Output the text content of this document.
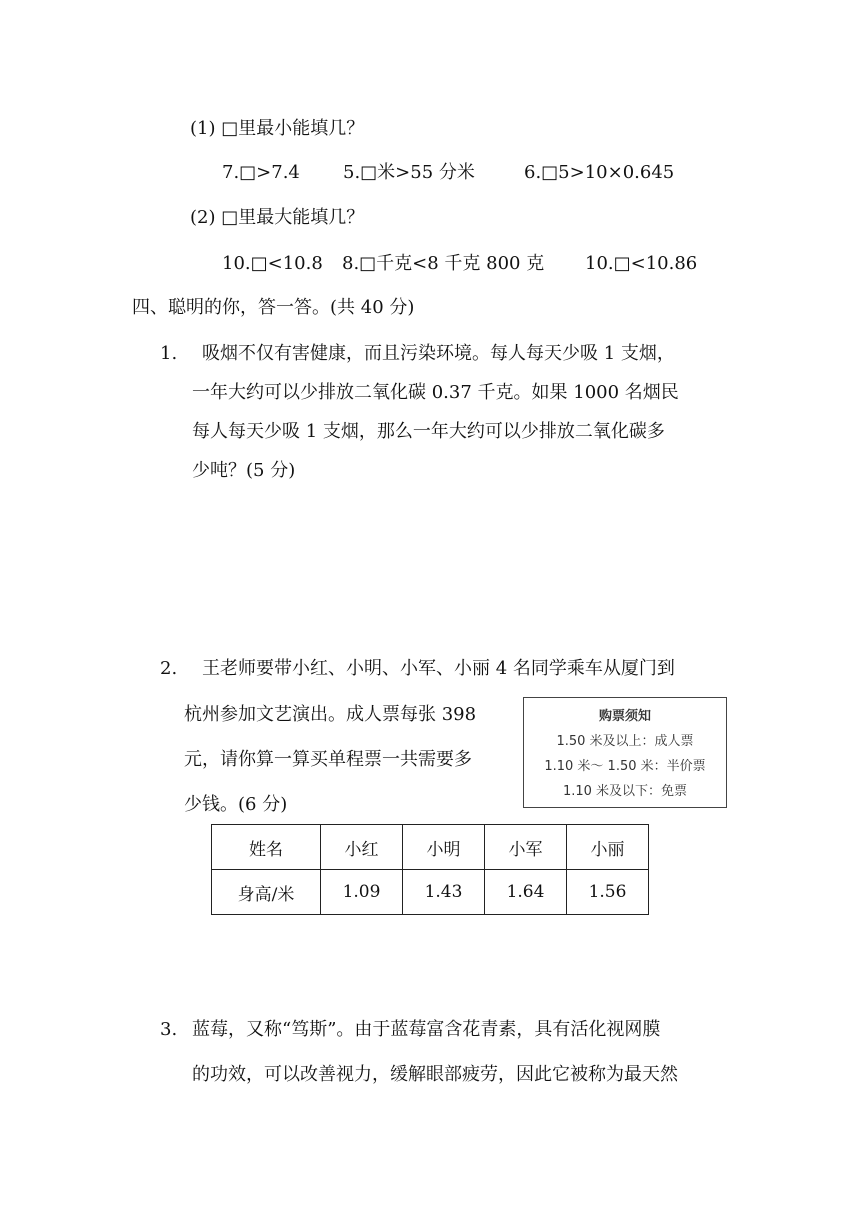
(1) □里最小能填几？
7.□>7.4 5.□米>55 分米	6.□5>10×0.645
(2) □里最大能填几？
10.□<10.8 8.□千克<8 千克 800 克 10.□<10.86
四、聪明的你，答一答。(共 40 分)
1.	吸烟不仅有害健康，而且污染环境。每人每天少吸 1 支烟，
一年大约可以少排放二氧化碳 0.37 千克。如果 1000 名烟民
每人每天少吸 1 支烟，那么一年大约可以少排放二氧化碳多
少吨？(5 分)
2. 王老师要带小红、小明、小军、小丽 4 名同学乘车从厦门到
杭州参加文艺演出。成人票每张 398
元，请你算一算买单程票一共需要多
少钱。(6 分)
购票须知
1.50 米及以上：成人票
1.10 米～ 1.50 米：半价票
1.10 米及以下：免票
姓名	小红	小明	小军	小丽
身高/米	1.09	1.43	1.64	1.56
3. 蓝莓，又称“笃斯”。由于蓝莓富含花青素，具有活化视网膜
的功效，可以改善视力，缓解眼部疲劳，因此它被称为最天然
